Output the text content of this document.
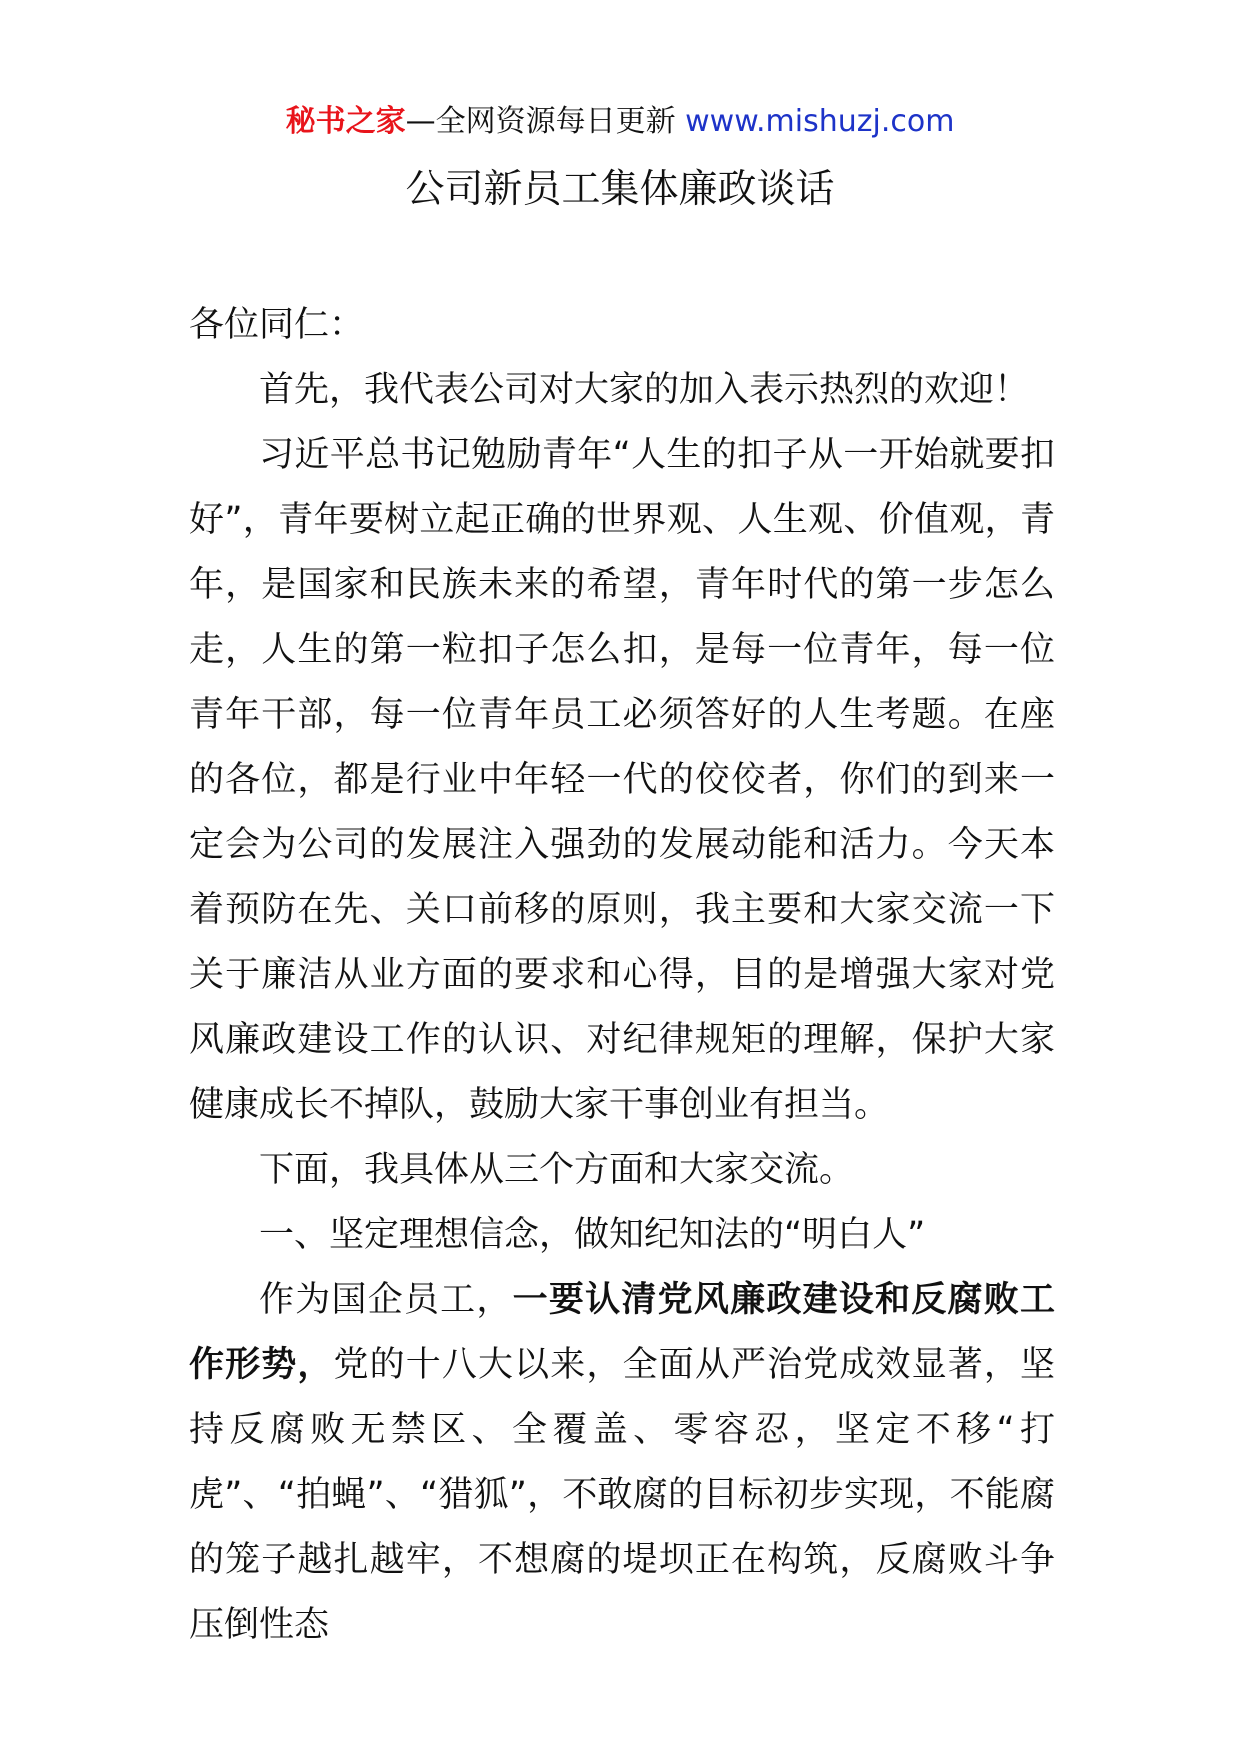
秘书之家—全网资源每日更新 www.mishuzj.com
公司新员工集体廉政谈话

各位同仁：

首先，我代表公司对大家的加入表示热烈的欢迎！

习近平总书记勉励青年“人生的扣子从一开始就要扣好”，青年要树立起正确的世界观、人生观、价值观，青年，是国家和民族未来的希望，青年时代的第一步怎么走，人生的第一粒扣子怎么扣，是每一位青年，每一位青年干部，每一位青年员工必须答好的人生考题。在座的各位，都是行业中年轻一代的佼佼者，你们的到来一定会为公司的发展注入强劲的发展动能和活力。今天本着预防在先、关口前移的原则，我主要和大家交流一下关于廉洁从业方面的要求和心得，目的是增强大家对党风廉政建设工作的认识、对纪律规矩的理解，保护大家健康成长不掉队，鼓励大家干事创业有担当。

下面，我具体从三个方面和大家交流。

一、坚定理想信念，做知纪知法的“明白人”

作为国企员工，一要认清党风廉政建设和反腐败工作形势，党的十八大以来，全面从严治党成效显著，坚持反腐败无禁区、全覆盖、零容忍，坚定不移“打虎”、“拍蝇”、“猎狐”，不敢腐的目标初步实现，不能腐的笼子越扎越牢，不想腐的堤坝正在构筑，反腐败斗争压倒性态
